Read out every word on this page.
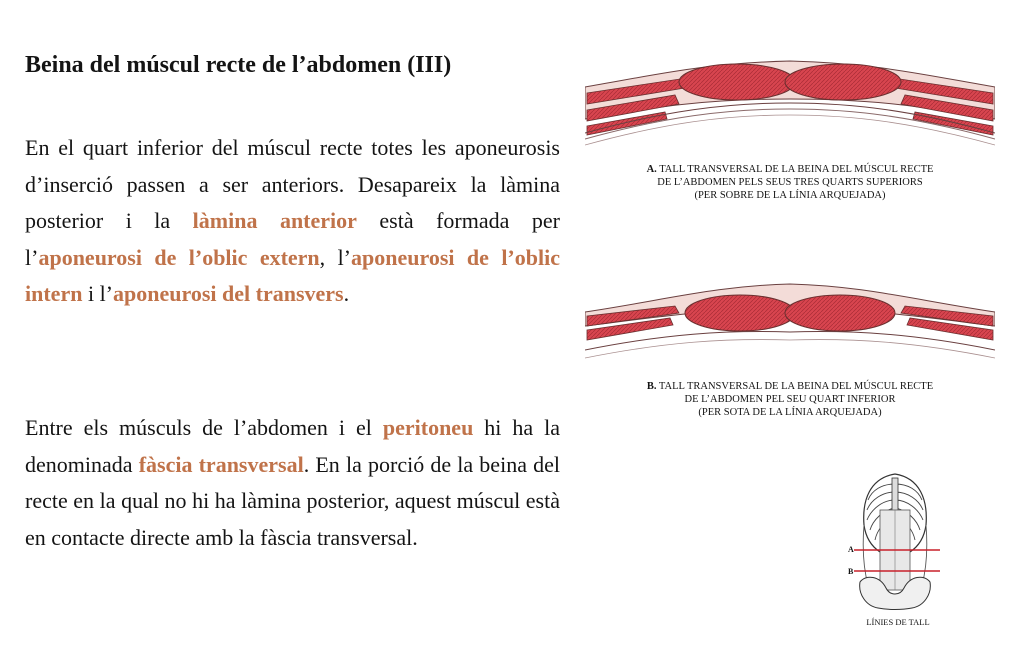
Beina del múscul recte de l’abdomen (III)

En el quart inferior del múscul recte totes les aponeurosis d’inserció passen a ser anteriors. Desapareix la làmina posterior i la làmina anterior està formada per l’aponeurosi de l’oblic extern, l’aponeurosi de l’oblic intern i l’aponeurosi del transvers.

Entre els músculs de l’abdomen i el peritoneu hi ha la denominada fàscia transversal. En la porció de la beina del recte en la qual no hi ha làmina posterior, aquest múscul està en contacte directe amb la fàscia transversal.

A. TALL TRANSVERSAL DE LA BEINA DEL MÚSCUL RECTE
DE L’ABDOMEN PELS SEUS TRES QUARTS SUPERIORS
(PER SOBRE DE LA LÍNIA ARQUEJADA)

B. TALL TRANSVERSAL DE LA BEINA DEL MÚSCUL RECTE
DE L’ABDOMEN PEL SEU QUART INFERIOR
(PER SOTA DE LA LÍNIA ARQUEJADA)

A
B

LÍNIES DE TALL
